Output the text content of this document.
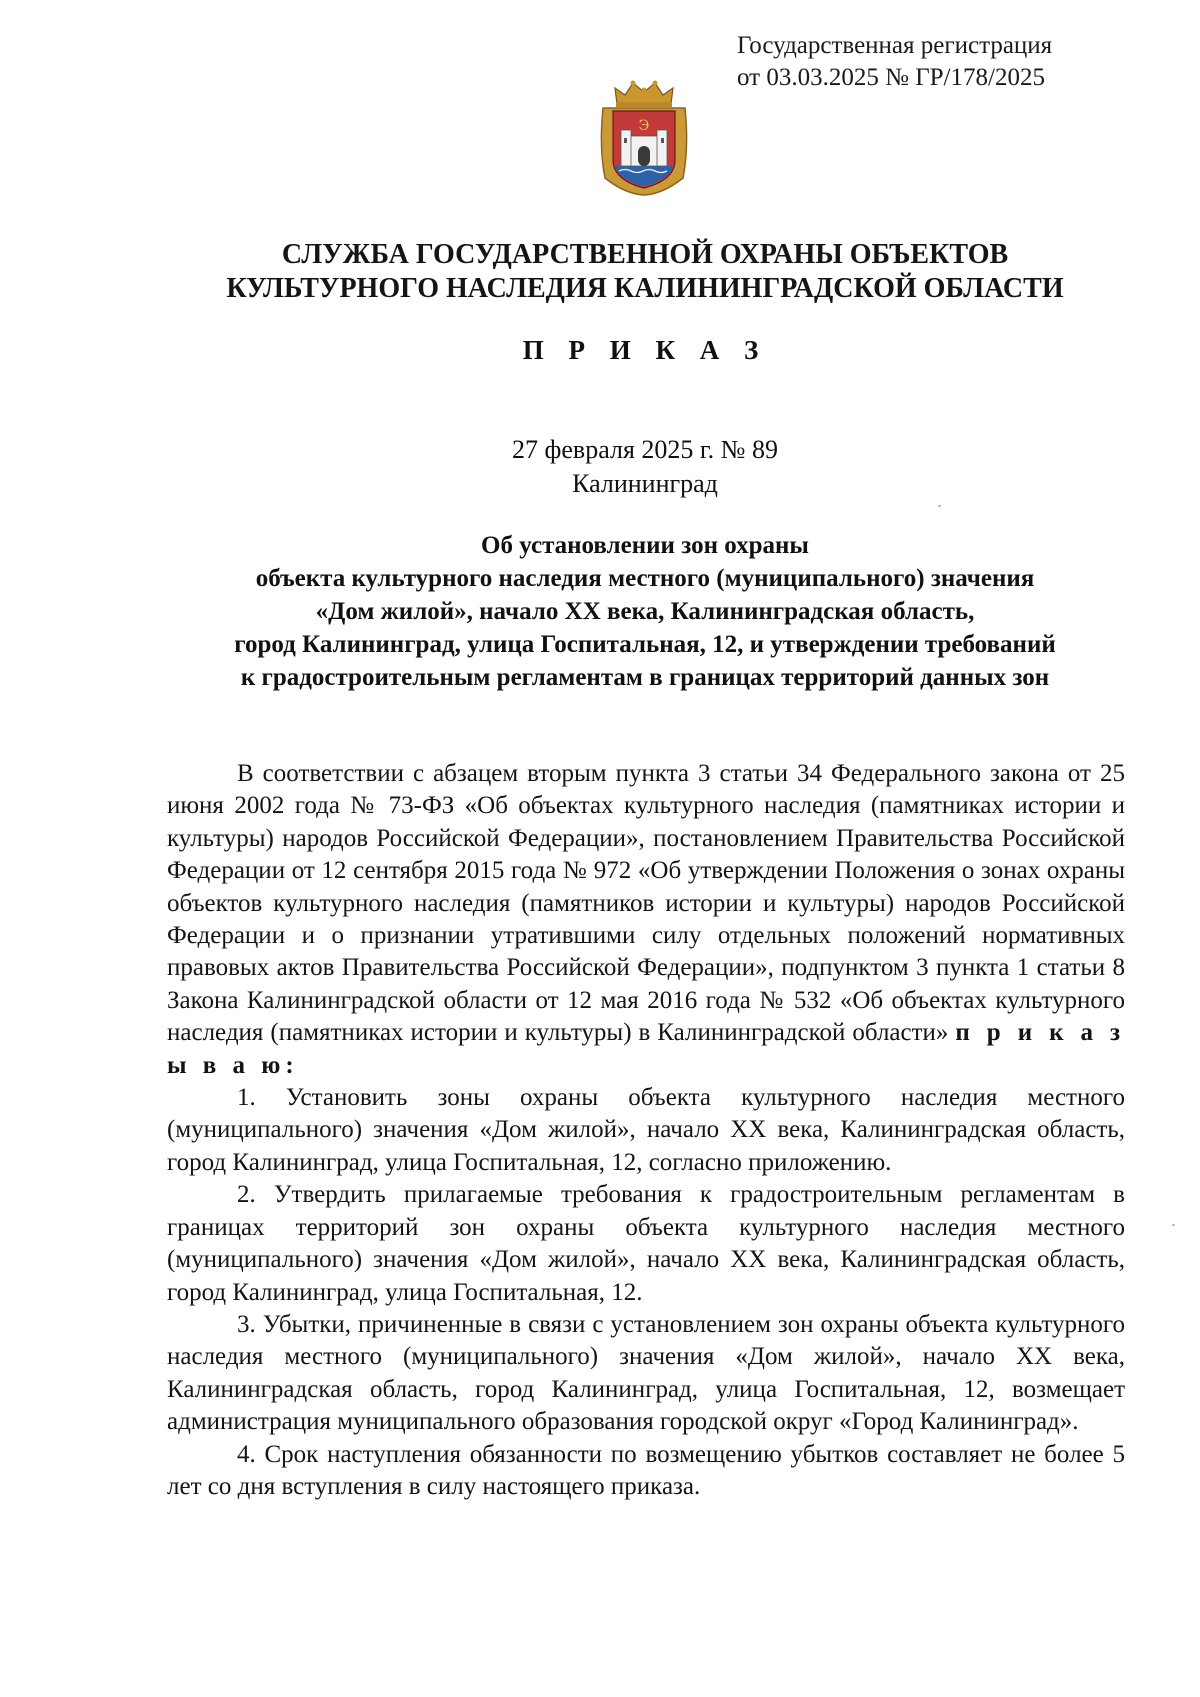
Государственная регистрация
от 03.03.2025 № ГР/178/2025
Э
СЛУЖБА ГОСУДАРСТВЕННОЙ ОХРАНЫ ОБЪЕКТОВ
КУЛЬТУРНОГО НАСЛЕДИЯ КАЛИНИНГРАДСКОЙ ОБЛАСТИ
П Р И К А З
27 февраля 2025 г. № 89
Калининград
Об установлении зон охраны
объекта культурного наследия местного (муниципального) значения
«Дом жилой», начало XX века, Калининградская область,
город Калининград, улица Госпитальная, 12, и утверждении требований
к градостроительным регламентам в границах территорий данных зон

В соответствии с абзацем вторым пункта 3 статьи 34 Федерального закона от 25 июня 2002 года № 73-ФЗ «Об объектах культурного наследия (памятниках истории и культуры) народов Российской Федерации», постановлением Правительства Российской Федерации от 12 сентября 2015 года № 972 «Об утверждении Положения о зонах охраны объектов культурного наследия (памятников истории и культуры) народов Российской Федерации и о признании утратившими силу отдельных положений нормативных правовых актов Правительства Российской Федерации», подпунктом 3 пункта 1 статьи 8 Закона Калининградской области от 12 мая 2016 года № 532 «Об объектах культурного наследия (памятниках истории и культуры) в Калининградской области» п р и к а з ы в а ю:

1. Установить зоны охраны объекта культурного наследия местного (муниципального) значения «Дом жилой», начало XX века, Калининградская область, город Калининград, улица Госпитальная, 12, согласно приложению.

2. Утвердить прилагаемые требования к градостроительным регламентам в границах территорий зон охраны объекта культурного наследия местного (муниципального) значения «Дом жилой», начало XX века, Калининградская область, город Калининград, улица Госпитальная, 12.

3. Убытки, причиненные в связи с установлением зон охраны объекта культурного наследия местного (муниципального) значения «Дом жилой», начало XX века, Калининградская область, город Калининград, улица Госпитальная, 12, возмещает администрация муниципального образования городской округ «Город Калининград».

4. Срок наступления обязанности по возмещению убытков составляет не более 5 лет со дня вступления в силу настоящего приказа.
